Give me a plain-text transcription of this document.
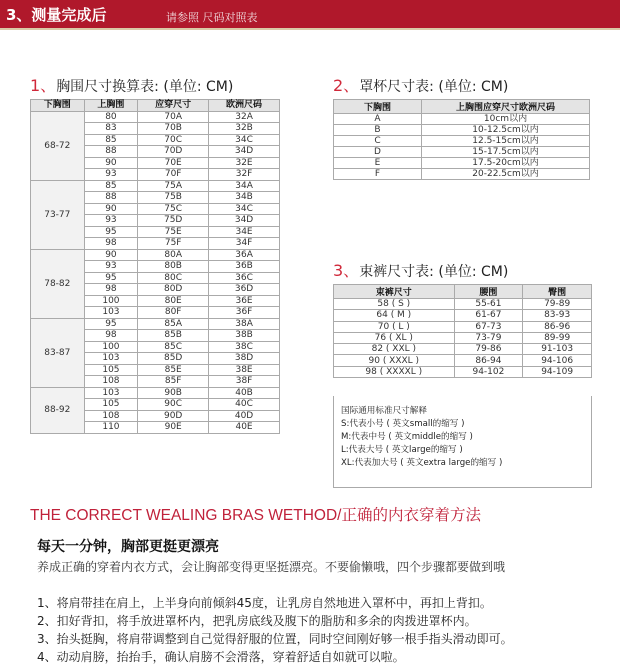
3、测量完成后	请参照 尺码对照表
1、胸围尺寸换算表: (单位: CM)
下胸围	上胸围	应穿尺寸	欧洲尺码
68-72	80	70A	32A
	83	70B	32B
	85	70C	34C
	88	70D	34D
	90	70E	32E
	93	70F	32F
73-77	85	75A	34A
	88	75B	34B
	90	75C	34C
	93	75D	34D
	95	75E	34E
	98	75F	34F
78-82	90	80A	36A
	93	80B	36B
	95	80C	36C
	98	80D	36D
	100	80E	36E
	103	80F	36F
83-87	95	85A	38A
	98	85B	38B
	100	85C	38C
	103	85D	38D
	105	85E	38E
	108	85F	38F
88-92	103	90B	40B
	105	90C	40C
	108	90D	40D
	110	90E	40E
2、罩杯尺寸表: (单位: CM)
下胸围	上胸围应穿尺寸欧洲尺码
A	10cm以内
B	10-12.5cm以内
C	12.5-15cm以内
D	15-17.5cm以内
E	17.5-20cm以内
F	20-22.5cm以内
3、束裤尺寸表: (单位: CM)
束裤尺寸	腰围	臀围
58 ( S )	55-61	79-89
64 ( M )	61-67	83-93
70 ( L )	67-73	86-96
76 ( XL )	73-79	89-99
82 ( XXL )	79-86	91-103
90 ( XXXL )	86-94	94-106
98 ( XXXXL )	94-102	94-109
国际通用标准尺寸解释
S:代表小号 ( 英文small的缩写 )
M:代表中号 ( 英文middle的缩写 )
L:代表大号 ( 英文large的缩写 )
XL:代表加大号 ( 英文extra large的缩写 )
THE CORRECT WEALING BRAS WETHOD/正确的内衣穿着方法
每天一分钟，胸部更挺更漂亮
养成正确的穿着内衣方式，会让胸部变得更坚挺漂亮。不要偷懒哦，四个步骤都要做到哦
1、将肩带挂在肩上，上半身向前倾斜45度，让乳房自然地进入罩杯中，再扣上背扣。
2、扣好背扣，将手放进罩杯内，把乳房底线及腹下的脂肪和多余的肉拨进罩杯内。
3、抬头挺胸，将肩带调整到自己觉得舒服的位置，同时空间刚好够一根手指头滑动即可。
4、动动肩膀，抬抬手，确认肩膀不会滑落，穿着舒适自如就可以啦。
